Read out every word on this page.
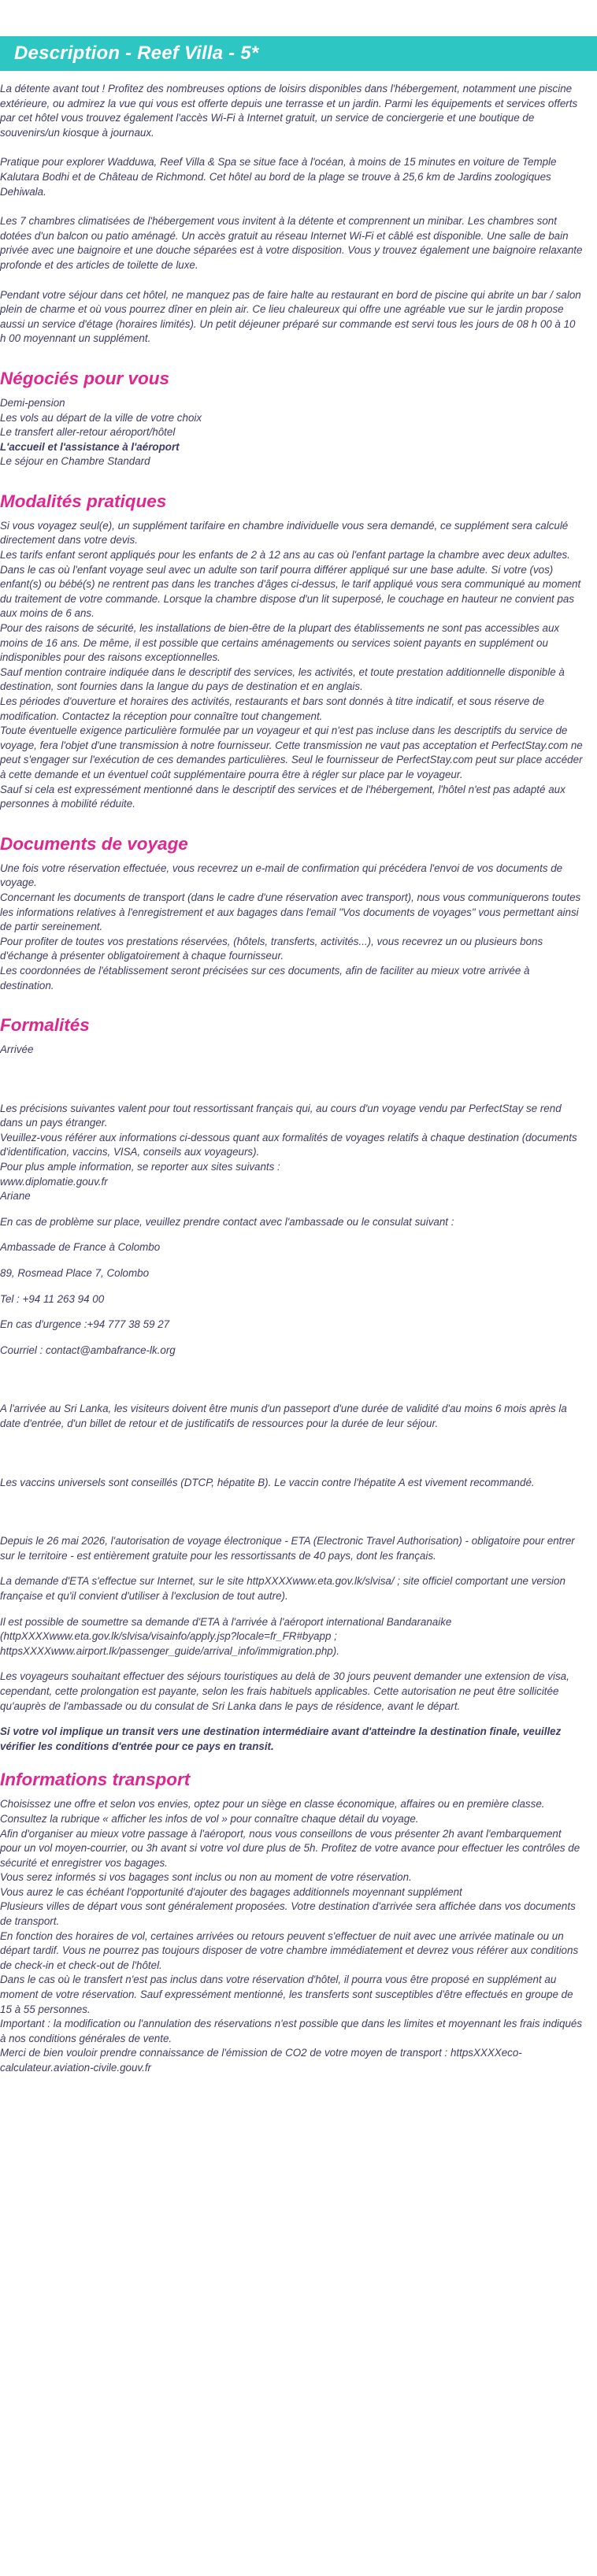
Description - Reef Villa - 5*

La détente avant tout ! Profitez des nombreuses options de loisirs disponibles dans l'hébergement, notamment une piscine extérieure, ou admirez la vue qui vous est offerte depuis une terrasse et un jardin. Parmi les équipements et services offerts par cet hôtel vous trouvez également l'accès Wi-Fi à Internet gratuit, un service de conciergerie et une boutique de souvenirs/un kiosque à journaux.

Pratique pour explorer Wadduwa, Reef Villa & Spa se situe face à l'océan, à moins de 15 minutes en voiture de Temple Kalutara Bodhi et de Château de Richmond. Cet hôtel au bord de la plage se trouve à 25,6 km de Jardins zoologiques Dehiwala.

Les 7 chambres climatisées de l'hébergement vous invitent à la détente et comprennent un minibar. Les chambres sont dotées d'un balcon ou patio aménagé. Un accès gratuit au réseau Internet Wi-Fi et câblé est disponible. Une salle de bain privée avec une baignoire et une douche séparées est à votre disposition. Vous y trouvez également une baignoire relaxante profonde et des articles de toilette de luxe.

Pendant votre séjour dans cet hôtel, ne manquez pas de faire halte au restaurant en bord de piscine qui abrite un bar / salon plein de charme et où vous pourrez dîner en plein air. Ce lieu chaleureux qui offre une agréable vue sur le jardin propose aussi un service d'étage (horaires limités). Un petit déjeuner préparé sur commande est servi tous les jours de 08 h 00 à 10 h 00 moyennant un supplément.

Négociés pour vous
Demi-pension
Les vols au départ de la ville de votre choix
Le transfert aller-retour aéroport/hôtel
L'accueil et l'assistance à l'aéroport
Le séjour en Chambre Standard
Modalités pratiques

Si vous voyagez seul(e), un supplément tarifaire en chambre individuelle vous sera demandé, ce supplément sera calculé directement dans votre devis.

Les tarifs enfant seront appliqués pour les enfants de 2 à 12 ans au cas où l'enfant partage la chambre avec deux adultes. Dans le cas où l'enfant voyage seul avec un adulte son tarif pourra différer appliqué sur une base adulte. Si votre (vos) enfant(s) ou bébé(s) ne rentrent pas dans les tranches d'âges ci-dessus, le tarif appliqué vous sera communiqué au moment du traitement de votre commande. Lorsque la chambre dispose d'un lit superposé, le couchage en hauteur ne convient pas aux moins de 6 ans.

Pour des raisons de sécurité, les installations de bien-être de la plupart des établissements ne sont pas accessibles aux moins de 16 ans. De même, il est possible que certains aménagements ou services soient payants en supplément ou indisponibles pour des raisons exceptionnelles.

Sauf mention contraire indiquée dans le descriptif des services, les activités, et toute prestation additionnelle disponible à destination, sont fournies dans la langue du pays de destination et en anglais.

Les périodes d'ouverture et horaires des activités, restaurants et bars sont donnés à titre indicatif, et sous réserve de modification. Contactez la réception pour connaître tout changement.

Toute éventuelle exigence particulière formulée par un voyageur et qui n'est pas incluse dans les descriptifs du service de voyage, fera l'objet d'une transmission à notre fournisseur. Cette transmission ne vaut pas acceptation et PerfectStay.com ne peut s'engager sur l'exécution de ces demandes particulières. Seul le fournisseur de PerfectStay.com peut sur place accéder à cette demande et un éventuel coût supplémentaire pourra être à régler sur place par le voyageur.

Sauf si cela est expressément mentionné dans le descriptif des services et de l'hébergement, l'hôtel n'est pas adapté aux personnes à mobilité réduite.

Documents de voyage

Une fois votre réservation effectuée, vous recevrez un e-mail de confirmation qui précédera l'envoi de vos documents de voyage.

Concernant les documents de transport (dans le cadre d'une réservation avec transport), nous vous communiquerons toutes les informations relatives à l'enregistrement et aux bagages dans l'email "Vos documents de voyages" vous permettant ainsi de partir sereinement.

Pour profiter de toutes vos prestations réservées, (hôtels, transferts, activités...), vous recevrez un ou plusieurs bons d'échange à présenter obligatoirement à chaque fournisseur.

Les coordonnées de l'établissement seront précisées sur ces documents, afin de faciliter au mieux votre arrivée à destination.

Formalités
Arrivée

Les précisions suivantes valent pour tout ressortissant français qui, au cours d'un voyage vendu par PerfectStay se rend dans un pays étranger.

Veuillez-vous référer aux informations ci-dessous quant aux formalités de voyages relatifs à chaque destination (documents d'identification, vaccins, VISA, conseils aux voyageurs).

Pour plus ample information, se reporter aux sites suivants :

www.diplomatie.gouv.fr
Ariane
En cas de problème sur place, veuillez prendre contact avec l'ambassade ou le consulat suivant :
Ambassade de France à Colombo
89, Rosmead Place 7, Colombo
Tel : +94 11 263 94 00
En cas d'urgence :+94 777 38 59 27
Courriel : contact@ambafrance-lk.org

A l'arrivée au Sri Lanka, les visiteurs doivent être munis d'un passeport d'une durée de validité d'au moins 6 mois après la date d'entrée, d'un billet de retour et de justificatifs de ressources pour la durée de leur séjour.

Les vaccins universels sont conseillés (DTCP, hépatite B). Le vaccin contre l'hépatite A est vivement recommandé.

Depuis le 26 mai 2026, l'autorisation de voyage électronique - ETA (Electronic Travel Authorisation) - obligatoire pour entrer sur le territoire - est entièrement gratuite pour les ressortissants de 40 pays, dont les français.

La demande d'ETA s'effectue sur Internet, sur le site httpXXXXwww.eta.gov.lk/slvisa/ ; site officiel comportant une version française et qu'il convient d'utiliser à l'exclusion de tout autre).

Il est possible de soumettre sa demande d'ETA à l'arrivée à l'aéroport international Bandaranaike (httpXXXXwww.eta.gov.lk/slvisa/visainfo/apply.jsp?locale=fr_FR#byapp ; httpsXXXXwww.airport.lk/passenger_guide/arrival_info/immigration.php).

Les voyageurs souhaitant effectuer des séjours touristiques au delà de 30 jours peuvent demander une extension de visa, cependant, cette prolongation est payante, selon les frais habituels applicables. Cette autorisation ne peut être sollicitée qu'auprès de l'ambassade ou du consulat de Sri Lanka dans le pays de résidence, avant le départ.

Si votre vol implique un transit vers une destination intermédiaire avant d'atteindre la destination finale, veuillez vérifier les conditions d'entrée pour ce pays en transit.

Informations transport

Choisissez une offre et selon vos envies, optez pour un siège en classe économique, affaires ou en première classe.

Consultez la rubrique « afficher les infos de vol » pour connaître chaque détail du voyage.

Afin d'organiser au mieux votre passage à l'aéroport, nous vous conseillons de vous présenter 2h avant l'embarquement pour un vol moyen-courrier, ou 3h avant si votre vol dure plus de 5h. Profitez de votre avance pour effectuer les contrôles de sécurité et enregistrer vos bagages.

Vous serez informés si vos bagages sont inclus ou non au moment de votre réservation.

Vous aurez le cas échéant l'opportunité d'ajouter des bagages additionnels moyennant supplément

Plusieurs villes de départ vous sont généralement proposées. Votre destination d'arrivée sera affichée dans vos documents de transport.

En fonction des horaires de vol, certaines arrivées ou retours peuvent s'effectuer de nuit avec une arrivée matinale ou un départ tardif. Vous ne pourrez pas toujours disposer de votre chambre immédiatement et devrez vous référer aux conditions de check-in et check-out de l'hôtel.

Dans le cas où le transfert n'est pas inclus dans votre réservation d'hôtel, il pourra vous être proposé en supplément au moment de votre réservation. Sauf expressément mentionné, les transferts sont susceptibles d'être effectués en groupe de 15 à 55 personnes.

Important : la modification ou l'annulation des réservations n'est possible que dans les limites et moyennant les frais indiqués à nos conditions générales de vente.

Merci de bien vouloir prendre connaissance de l'émission de CO2 de votre moyen de transport : httpsXXXXeco-calculateur.aviation-civile.gouv.fr
